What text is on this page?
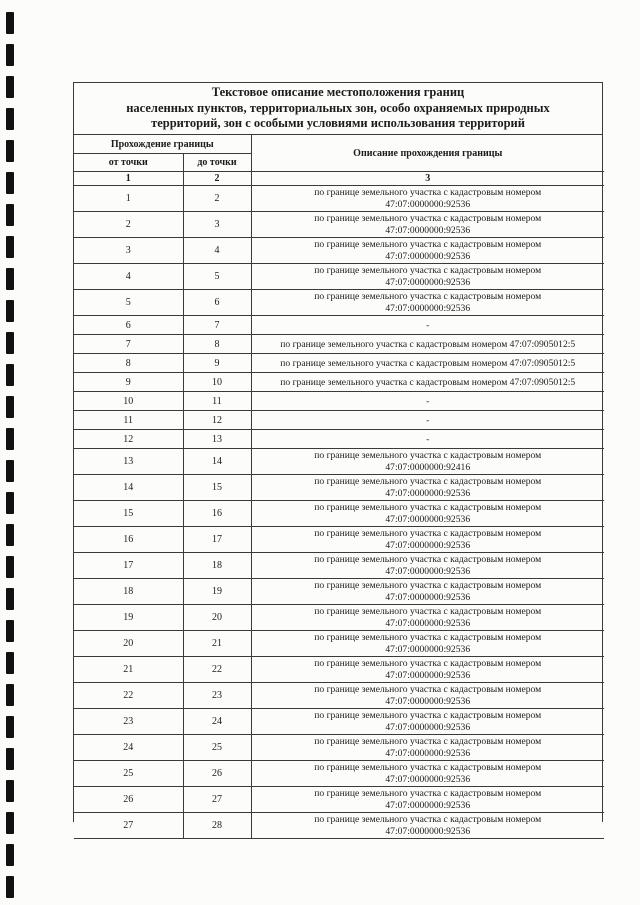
Текстовое описание местоположения границ
населенных пунктов, территориальных зон, особо охраняемых природных
территорий, зон с особыми условиями использования территорий
Прохождение границы		Описание прохождения границы
от точки	до точки	
1	2	3
1	2	по границе земельного участка с кадастровым номером
47:07:0000000:92536

2	3	по границе земельного участка с кадастровым номером
47:07:0000000:92536

3	4	по границе земельного участка с кадастровым номером
47:07:0000000:92536

4	5	по границе земельного участка с кадастровым номером
47:07:0000000:92536

5	6	по границе земельного участка с кадастровым номером
47:07:0000000:92536

6	7	-
7	8	по границе земельного участка с кадастровым номером 47:07:0905012:5
8	9	по границе земельного участка с кадастровым номером 47:07:0905012:5
9	10	по границе земельного участка с кадастровым номером 47:07:0905012:5
10	11	-
11	12	-
12	13	-
13	14	по границе земельного участка с кадастровым номером
47:07:0000000:92416

14	15	по границе земельного участка с кадастровым номером
47:07:0000000:92536

15	16	по границе земельного участка с кадастровым номером
47:07:0000000:92536

16	17	по границе земельного участка с кадастровым номером
47:07:0000000:92536

17	18	по границе земельного участка с кадастровым номером
47:07:0000000:92536

18	19	по границе земельного участка с кадастровым номером
47:07:0000000:92536

19	20	по границе земельного участка с кадастровым номером
47:07:0000000:92536

20	21	по границе земельного участка с кадастровым номером
47:07:0000000:92536

21	22	по границе земельного участка с кадастровым номером
47:07:0000000:92536

22	23	по границе земельного участка с кадастровым номером
47:07:0000000:92536

23	24	по границе земельного участка с кадастровым номером
47:07:0000000:92536

24	25	по границе земельного участка с кадастровым номером
47:07:0000000:92536

25	26	по границе земельного участка с кадастровым номером
47:07:0000000:92536

26	27	по границе земельного участка с кадастровым номером
47:07:0000000:92536

27	28	по границе земельного участка с кадастровым номером
47:07:0000000:92536
